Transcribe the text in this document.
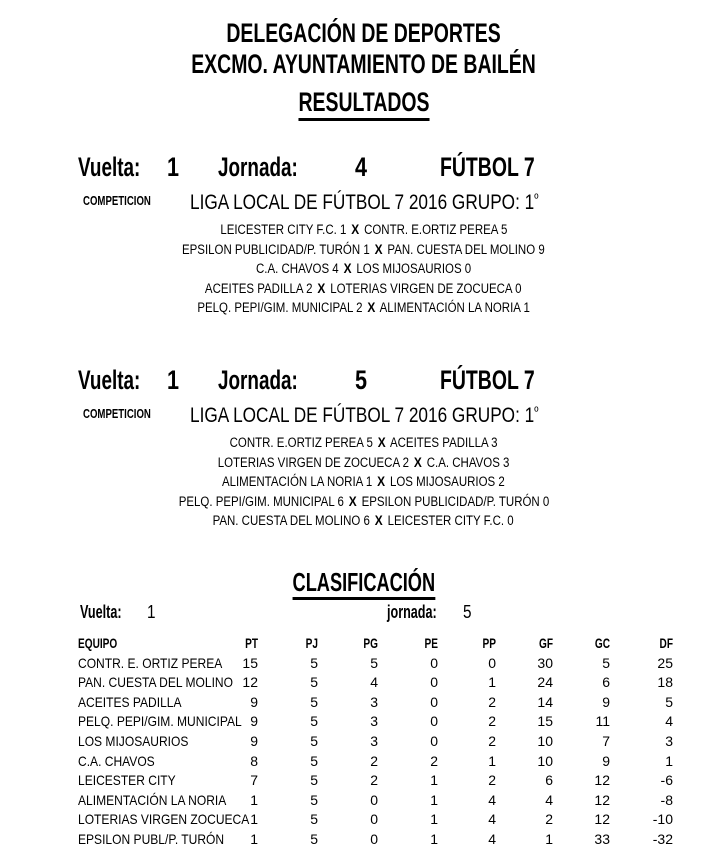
DELEGACIÓN DE DEPORTES
EXCMO. AYUNTAMIENTO DE BAILÉN
RESULTADOS
Vuelta: 1 Jornada: 4	FÚTBOL 7
COMPETICION LIGA LOCAL DE FÚTBOL 7 2016 GRUPO: $1^º$
LEICESTER CITY F.C. 1 X CONTR. E.ORTIZ PEREA 5
EPSILON PUBLICIDAD/P. TURÓN 1 X PAN. CUESTA DEL MOLINO 9
C.A. CHAVOS 4 X LOS MIJOSAURIOS 0
ACEITES PADILLA 2 X LOTERIAS VIRGEN DE ZOCUECA 0
PELQ. PEPI/GIM. MUNICIPAL 2 X ALIMENTACIÓN LA NORIA 1
Vuelta: 1 Jornada: 5	FÚTBOL 7
COMPETICION LIGA LOCAL DE FÚTBOL 7 2016 GRUPO: $1^º$
CONTR. E.ORTIZ PEREA 5 X ACEITES PADILLA 3
LOTERIAS VIRGEN DE ZOCUECA 2 X C.A. CHAVOS 3
ALIMENTACIÓN LA NORIA 1 X LOS MIJOSAURIOS 2
PELQ. PEPI/GIM. MUNICIPAL 6 X EPSILON PUBLICIDAD/P. TURÓN 0
PAN. CUESTA DEL MOLINO 6 X LEICESTER CITY F.C. 0
CLASIFICACIÓN
Vuelta: 1	jornada: 5
EQUIPO	PT	PJ	PG	PE	PP	GF	GC	DF
CONTR. E. ORTIZ PEREA	15	5	5	0	0	30	5	25
PAN. CUESTA DEL MOLINO 12	5	4	0	1	24	6	18
ACEITES PADILLA	9	5	3	0	2	14	9	5
PELQ. PEPI/GIM. MUNICIPAL 9	5	3	0	2	15	11	4
LOS MIJOSAURIOS	9	5	3	0	2	10	7	3
C.A. CHAVOS	8	5	2	2	1	10	9	1
LEICESTER CITY	7	5	2	1	2	6	12	-6
ALIMENTACIÓN LA NORIA	1	5	0	1	4	4	12	-8
LOTERIAS VIRGEN ZOCUECA 1	5	0	1	4	2	12	-10
EPSILON PUBL/P. TURÓN	1	5	0	1	4	1	33	-32
